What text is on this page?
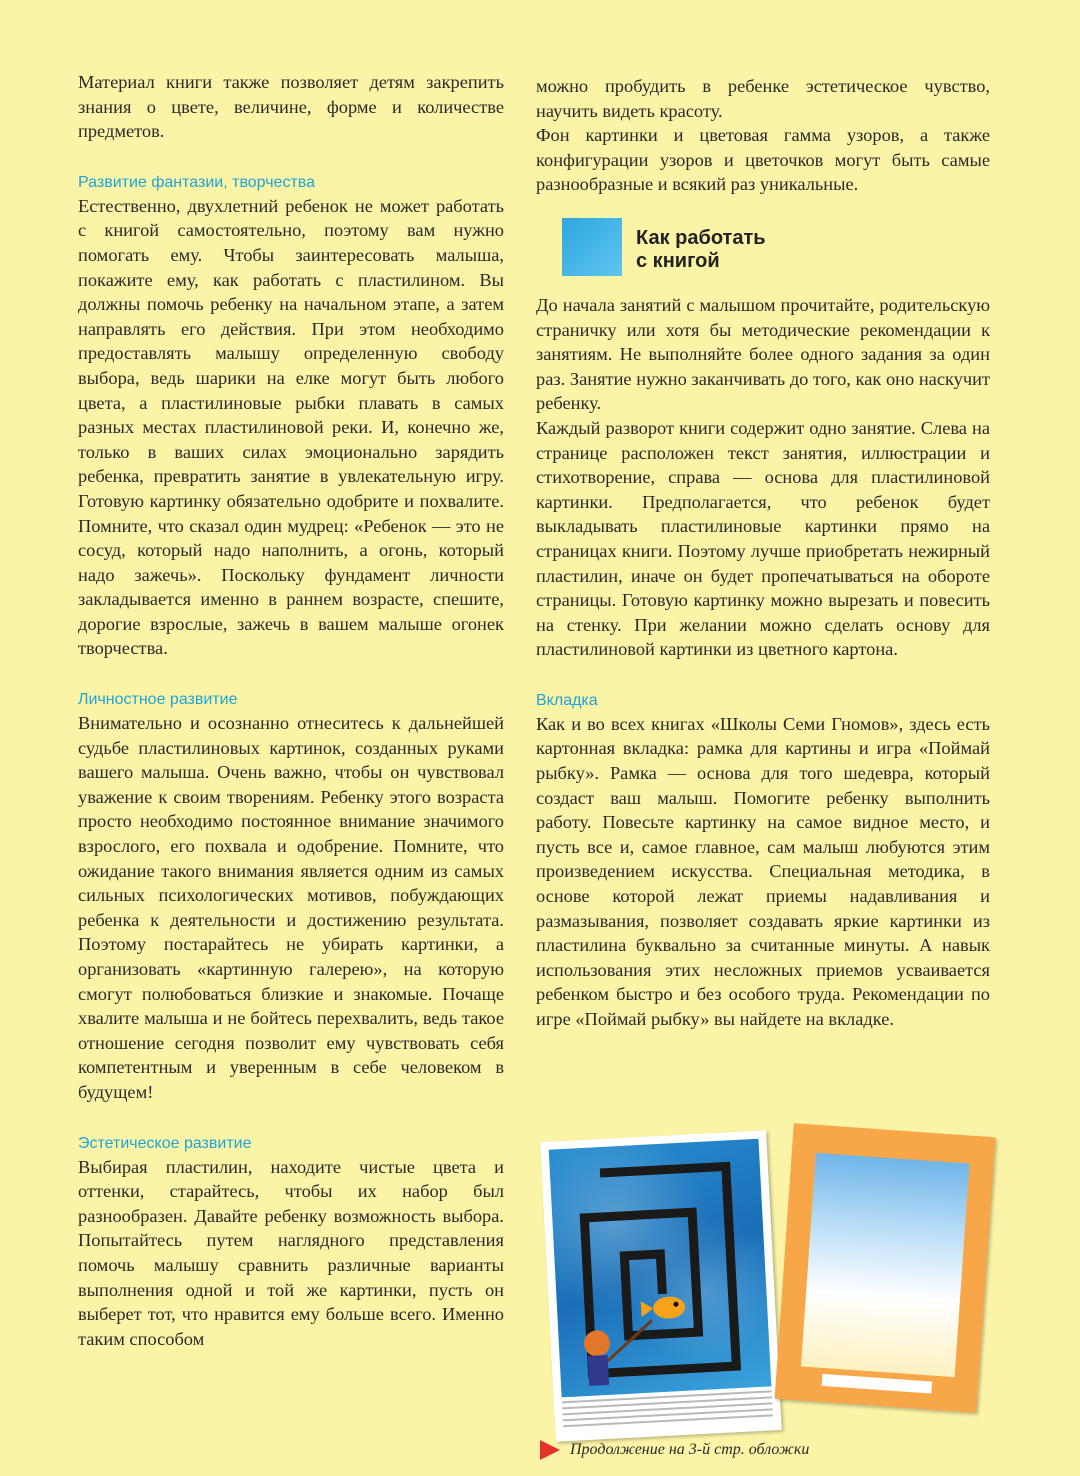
Материал книги также позволяет детям закрепить знания о цвете, величине, форме и количестве предметов.

Развитие фантазии, творчества

Естественно, двухлетний ребенок не может работать с книгой самостоятельно, поэтому вам нужно помогать ему. Чтобы заинтересовать малыша, покажите ему, как работать с пластилином. Вы должны помочь ребенку на начальном этапе, а затем направлять его действия. При этом необходимо предоставлять малышу определенную свободу выбора, ведь шарики на елке могут быть любого цвета, а пластилиновые рыбки плавать в самых разных местах пластилиновой реки. И, конечно же, только в ваших силах эмоционально зарядить ребенка, превратить занятие в увлекательную игру. Готовую картинку обязательно одобрите и похвалите. Помните, что сказал один мудрец: «Ребенок — это не сосуд, который надо наполнить, а огонь, который надо зажечь». Поскольку фундамент личности закладывается именно в раннем возрасте, спешите, дорогие взрослые, зажечь в вашем малыше огонек творчества.

Личностное развитие

Внимательно и осознанно отнеситесь к дальнейшей судьбе пластилиновых картинок, созданных руками вашего малыша. Очень важно, чтобы он чувствовал уважение к своим творениям. Ребенку этого возраста просто необходимо постоянное внимание значимого взрослого, его похвала и одобрение. Помните, что ожидание такого внимания является одним из самых сильных психологических мотивов, побуждающих ребенка к деятельности и достижению результата. Поэтому постарайтесь не убирать картинки, а организовать «картинную галерею», на которую смогут полюбоваться близкие и знакомые. Почаще хвалите малыша и не бойтесь перехвалить, ведь такое отношение сегодня позволит ему чувствовать себя компетентным и уверенным в себе человеком в будущем!

Эстетическое развитие

Выбирая пластилин, находите чистые цвета и оттенки, старайтесь, чтобы их набор был разнообразен. Давайте ребенку возможность выбора. Попытайтесь путем наглядного представления помочь малышу сравнить различные варианты выполнения одной и той же картинки, пусть он выберет тот, что нравится ему больше всего. Именно таким способом

можно пробудить в ребенке эстетическое чувство, научить видеть красоту.

Фон картинки и цветовая гамма узоров, а также конфигурации узоров и цветочков могут быть самые разнообразные и всякий раз уникальные.

До начала занятий с малышом прочитайте, родительскую страничку или хотя бы методические рекомендации к занятиям. Не выполняйте более одного задания за один раз. Занятие нужно заканчивать до того, как оно наскучит ребенку.

Каждый разворот книги содержит одно занятие. Слева на странице расположен текст занятия, иллюстрации и стихотворение, справа — основа для пластилиновой картинки. Предполагается, что ребенок будет выкладывать пластилиновые картинки прямо на страницах книги. Поэтому лучше приобретать нежирный пластилин, иначе он будет пропечатываться на обороте страницы. Готовую картинку можно вырезать и повесить на стенку. При желании можно сделать основу для пластилиновой картинки из цветного картона.

Вкладка

Как и во всех книгах «Школы Семи Гномов», здесь есть картонная вкладка: рамка для картины и игра «Поймай рыбку». Рамка — основа для того шедевра, который создаст ваш малыш. Помогите ребенку выполнить работу. Повесьте картинку на самое видное место, и пусть все и, самое главное, сам малыш любуются этим произведением искусства. Специальная методика, в основе которой лежат приемы надавливания и размазывания, позволяет создавать яркие картинки из пластилина буквально за считанные минуты. А навык использования этих несложных приемов усваивается ребенком быстро и без особого труда. Рекомендации по игре «Поймай рыбку» вы найдете на вкладке.

Как работать
с книгой
Продолжение на 3-й стр. обложки
